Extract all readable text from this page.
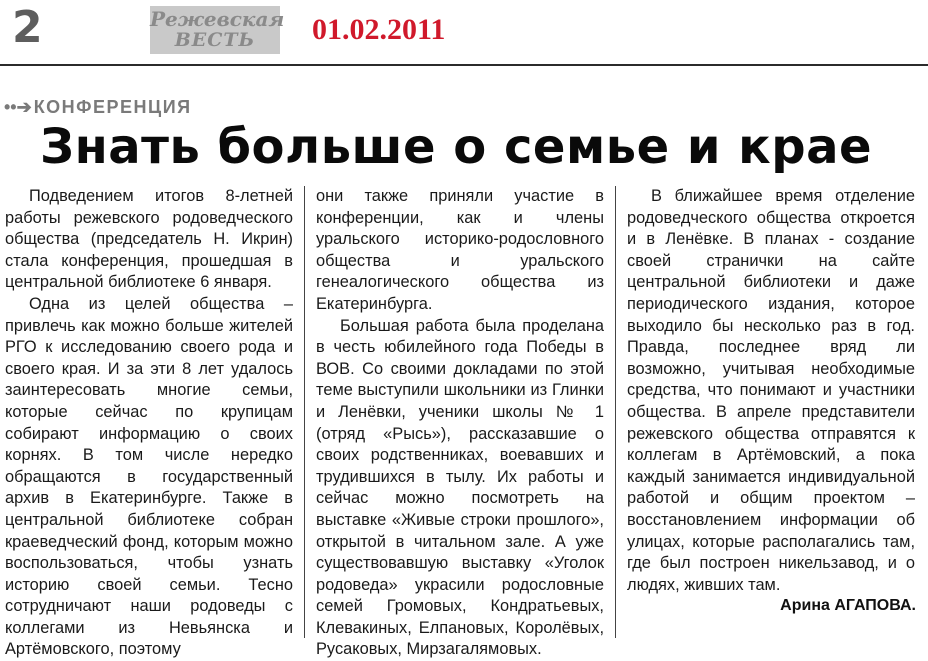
2	Режевская
ВЕСТЬ	01.02.2011
••➔ КОНФЕРЕНЦИЯ
Знать больше о семье и крае

Подведением итогов 8-летней работы режевского родоведческого общества (председатель Н. Икрин) стала конференция, прошедшая в центральной библиотеке 6 января.

Одна из целей общества – привлечь как можно больше жителей РГО к исследованию своего рода и своего края. И за эти 8 лет удалось заинтересовать многие семьи, которые сейчас по крупицам собирают информацию о своих корнях. В том числе нередко обращаются в государственный архив в Екатеринбурге. Также в центральной библиотеке собран краеведческий фонд, которым можно воспользоваться, чтобы узнать историю своей семьи. Тесно сотрудничают наши родоведы с коллегами из Невьянска и Артёмовского, поэтому

они также приняли участие в конференции, как и члены уральского историко-родословного общества и уральского генеалогического общества из Екатеринбурга.

Большая работа была проделана в честь юбилейного года Победы в ВОВ. Со своими докладами по этой теме выступили школьники из Глинки и Ленёвки, ученики школы № 1 (отряд «Рысь»), рассказавшие о своих родственниках, воевавших и трудившихся в тылу. Их работы и сейчас можно посмотреть на выставке «Живые строки прошлого», открытой в читальном зале. А уже существовавшую выставку «Уголок родоведа» украсили родословные семей Громовых, Кондратьевых, Клевакиных, Елпановых, Королёвых, Русаковых, Мирзагалямовых.

В ближайшее время отделение родоведческого общества откроется и в Ленёвке. В планах - создание своей странички на сайте центральной библиотеки и даже периодического издания, которое выходило бы несколько раз в год. Правда, последнее вряд ли возможно, учитывая необходимые средства, что понимают и участники общества. В апреле представители режевского общества отправятся к коллегам в Артёмовский, а пока каждый занимается индивидуальной работой и общим проектом – восстановлением информации об улицах, которые располагались там, где был построен никельзавод, и о людях, живших там.

Арина АГАПОВА.
